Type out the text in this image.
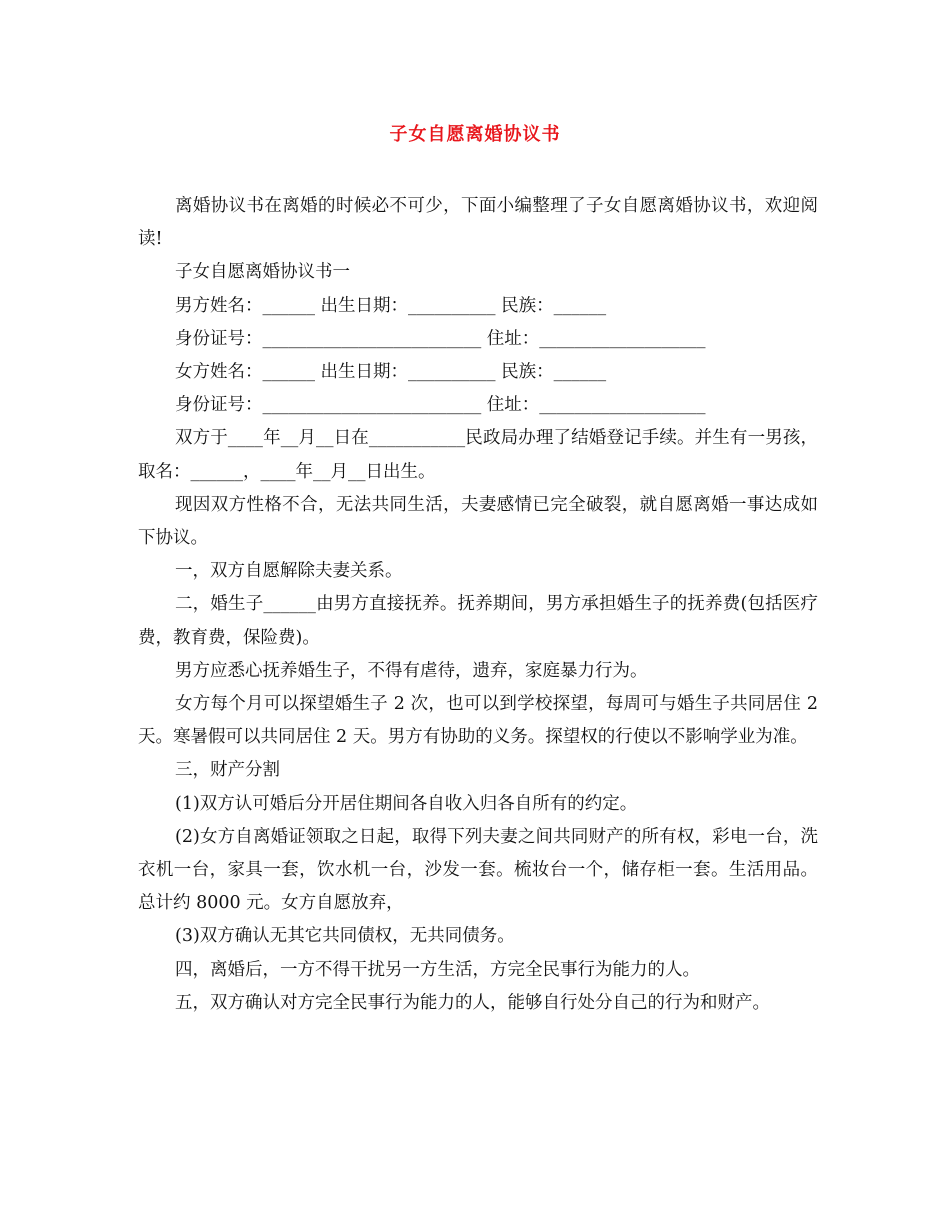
子女自愿离婚协议书

离婚协议书在离婚的时候必不可少，下面小编整理了子女自愿离婚协议书，欢迎阅读!

子女自愿离婚协议书一

男方姓名：______ 出生日期：__________ 民族：______

身份证号：_________________________ 住址：___________________

女方姓名：______ 出生日期：__________ 民族：______

身份证号：_________________________ 住址：___________________

双方于____年__月__日在___________民政局办理了结婚登记手续。并生有一男孩，取名：______，____年__月__日出生。

现因双方性格不合，无法共同生活，夫妻感情已完全破裂，就自愿离婚一事达成如下协议。

一，双方自愿解除夫妻关系。

二，婚生子______由男方直接抚养。抚养期间，男方承担婚生子的抚养费(包括医疗费，教育费，保险费)。

男方应悉心抚养婚生子，不得有虐待，遗弃，家庭暴力行为。

女方每个月可以探望婚生子 2 次，也可以到学校探望，每周可与婚生子共同居住 2 天。寒暑假可以共同居住 2 天。男方有协助的义务。探望权的行使以不影响学业为准。

三，财产分割

(1)双方认可婚后分开居住期间各自收入归各自所有的约定。

(2)女方自离婚证领取之日起，取得下列夫妻之间共同财产的所有权，彩电一台，洗衣机一台，家具一套，饮水机一台，沙发一套。梳妆台一个，储存柜一套。生活用品。总计约 8000 元。女方自愿放弃，

(3)双方确认无其它共同债权，无共同债务。

四，离婚后，一方不得干扰另一方生活，方完全民事行为能力的人。

五，双方确认对方完全民事行为能力的人，能够自行处分自己的行为和财产。
